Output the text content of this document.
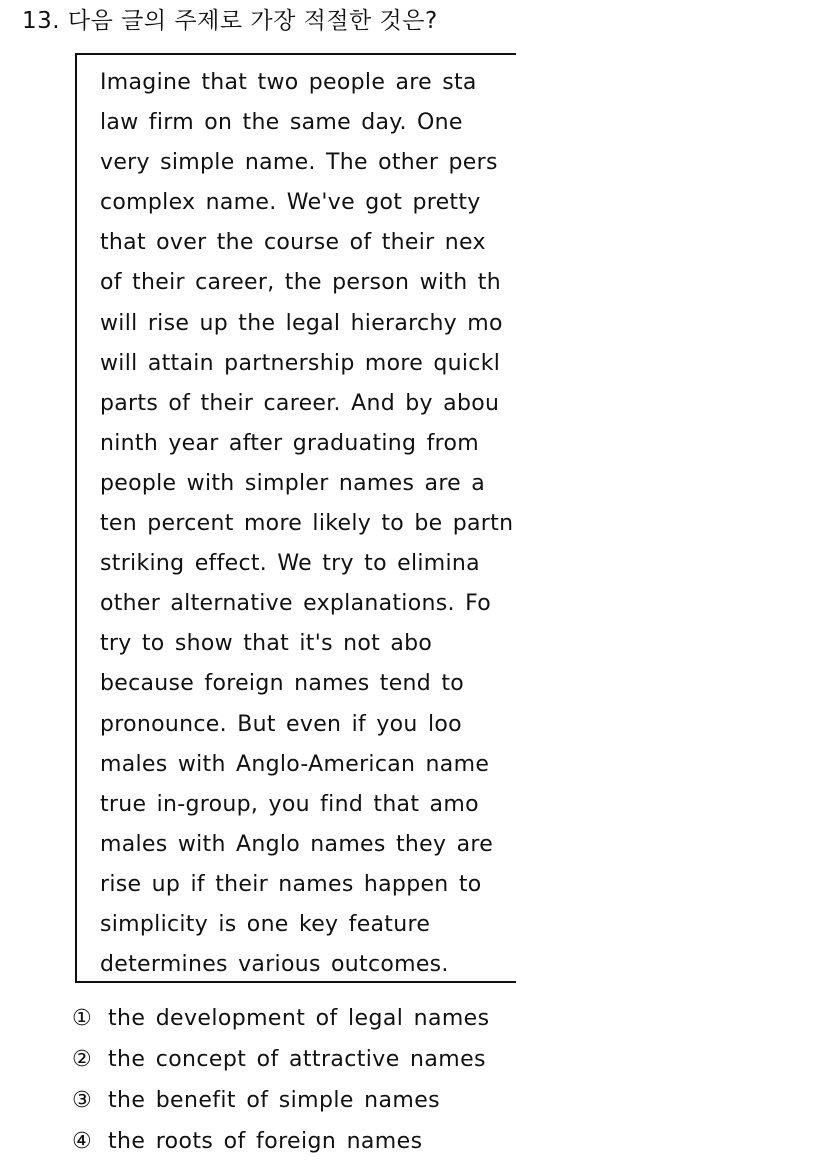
13. 다음 글의 주제로 가장 적절한 것은?
Imagine that two people are sta
law firm on the same day. One
very simple name. The other pers
complex name. We've got pretty
that over the course of their nex
of their career, the person with th
will rise up the legal hierarchy mo
will attain partnership more quickl
parts of their career. And by abou
ninth year after graduating from
people with simpler names are a
ten percent more likely to be partn
striking effect. We try to elimina
other alternative explanations. Fo
try to show that it's not abo
because foreign names tend to
pronounce. But even if you loo
males with Anglo-American name
true in-group, you find that amo
males with Anglo names they are
rise up if their names happen to
simplicity is one key feature
determines various outcomes.
① the development of legal names
② the concept of attractive names
③ the benefit of simple names
④ the roots of foreign names
